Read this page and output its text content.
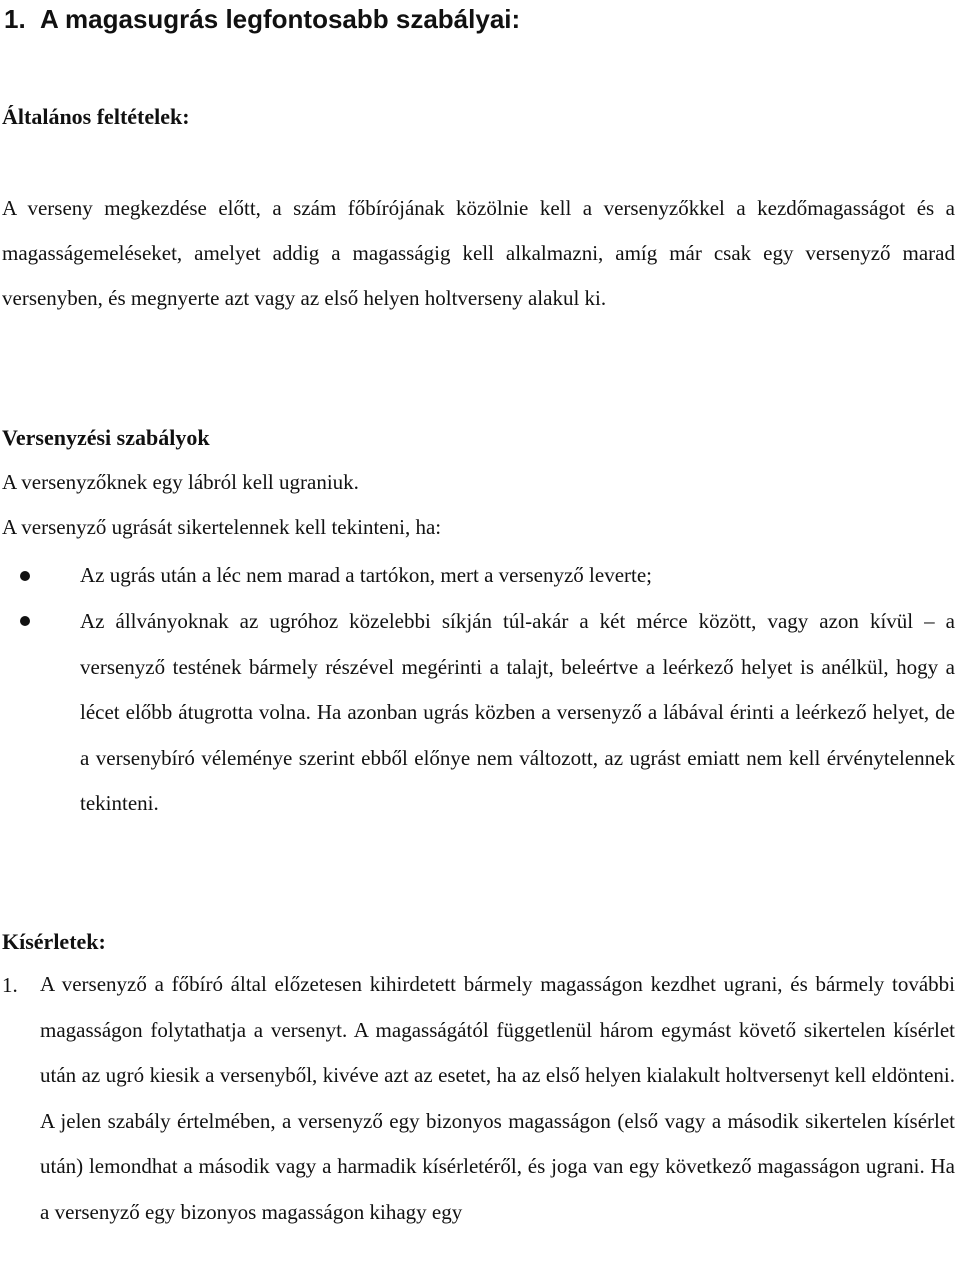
1. A magasugrás legfontosabb szabályai:
Általános feltételek:

A verseny megkezdése előtt, a szám főbírójának közölnie kell a versenyzőkkel a kezdőmagasságot és a magasságemeléseket, amelyet addig a magasságig kell alkalmazni, amíg már csak egy versenyző marad versenyben, és megnyerte azt vagy az első helyen holtverseny alakul ki.

Versenyzési szabályok

A versenyzőknek egy lábról kell ugraniuk.

A versenyző ugrását sikertelennek kell tekinteni, ha:

Az ugrás után a léc nem marad a tartókon, mert a versenyző leverte;

Az állványoknak az ugróhoz közelebbi síkján túl-akár a két mérce között, vagy azon kívül – a versenyző testének bármely részével megérinti a talajt, beleértve a leérkező helyet is anélkül, hogy a lécet előbb átugrotta volna. Ha azonban ugrás közben a versenyző a lábával érinti a leérkező helyet, de a versenybíró véleménye szerint ebből előnye nem változott, az ugrást emiatt nem kell érvénytelennek tekinteni.

Kísérletek:

1. A versenyző a főbíró által előzetesen kihirdetett bármely magasságon kezdhet ugrani, és bármely további magasságon folytathatja a versenyt. A magasságától függetlenül három egymást követő sikertelen kísérlet után az ugró kiesik a versenyből, kivéve azt az esetet, ha az első helyen kialakult holtversenyt kell eldönteni. A jelen szabály értelmében, a versenyző egy bizonyos magasságon (első vagy a második sikertelen kísérlet után) lemondhat a második vagy a harmadik kísérletéről, és joga van egy következő magasságon ugrani. Ha a versenyző egy bizonyos magasságon kihagy egy
